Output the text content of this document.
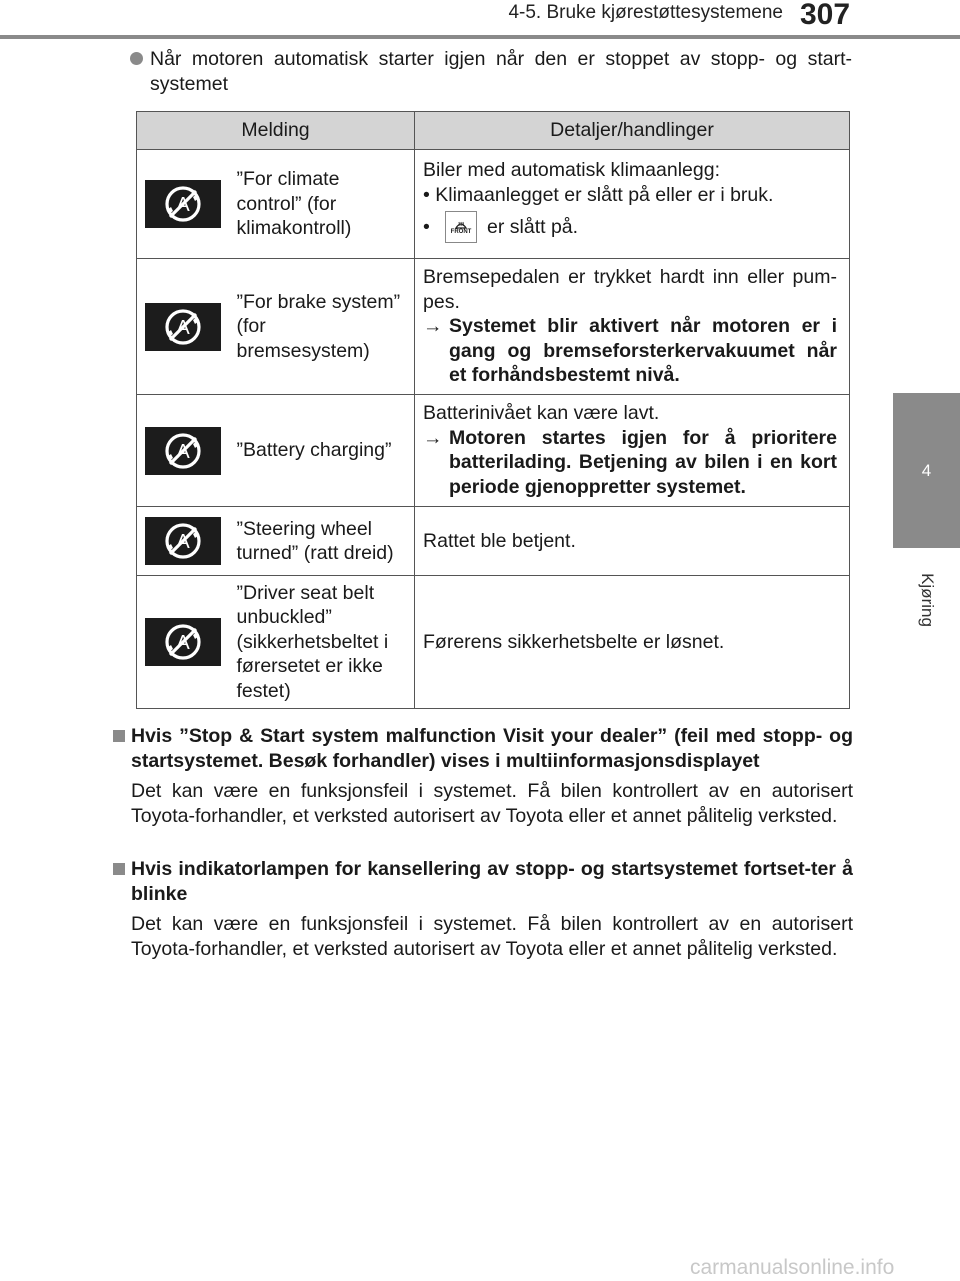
4-5. Bruke kjørestøttesystemene 307
4
Kjøring
Når motoren automatisk starter igjen når den er stoppet av stopp- og start-systemet
Melding		Detaljer/handlinger

	”For climate control” (for klimakontroll)	Biler med automatisk klimaanlegg:
• Klimaanlegget er slått på eller er i bruk.
• FRONT er slått på.

	”For brake system” (for bremsesystem)	Bremsepedalen er trykket hardt inn eller pum-pes.
→ Systemet blir aktivert når motoren er i gang og bremseforsterkervakuumet når et forhåndsbestemt nivå.

	”Battery charging”	Batterinivået kan være lavt.
→ Motoren startes igjen for å prioritere batterilading. Betjening av bilen i en kort periode gjenoppretter systemet.

	”Steering wheel turned” (ratt dreid)	Rattet ble betjent.

	”Driver seat belt unbuckled” (sikkerhetsbeltet i førersetet er ikke festet)	Førerens sikkerhetsbelte er løsnet.
Hvis ”Stop & Start system malfunction Visit your dealer” (feil med stopp- og startsystemet. Besøk forhandler) vises i multiinformasjonsdisplayet
Det kan være en funksjonsfeil i systemet. Få bilen kontrollert av en autorisert Toyota-forhandler, et verksted autorisert av Toyota eller et annet pålitelig verksted.
Hvis indikatorlampen for kansellering av stopp- og startsystemet fortset-ter å blinke
Det kan være en funksjonsfeil i systemet. Få bilen kontrollert av en autorisert Toyota-forhandler, et verksted autorisert av Toyota eller et annet pålitelig verksted.
carmanualsonline.info
